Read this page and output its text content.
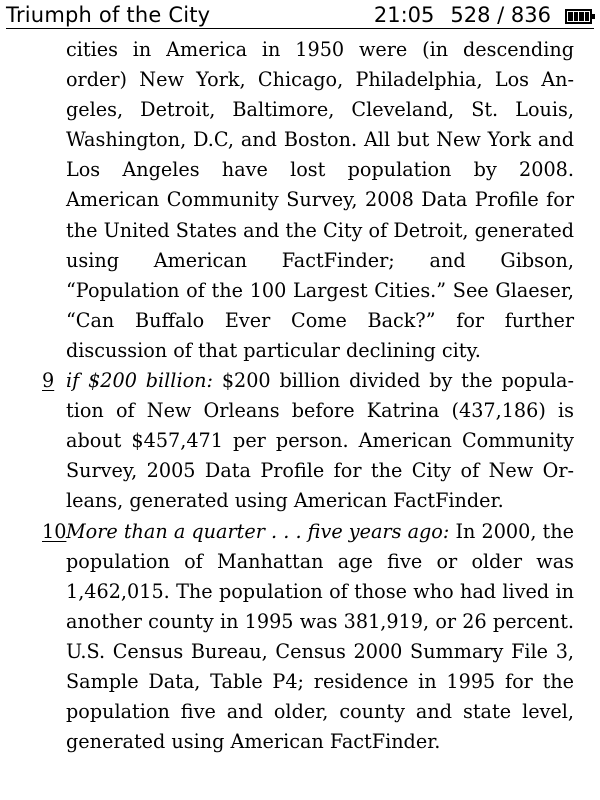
Triumph of the City	21:05 528 / 836

cities in America in 1950 were (in descending order) New York, Chicago, Philadelphia, Los Angeles, Detroit, Baltimore, Cleveland, St. Louis, Washington, D.C, and Boston. All but New York and Los Angeles have lost population by 2008. American Community Survey, 2008 Data Profile for the United States and the City of Detroit, generated using American FactFinder; and Gibson, “Population of the 100 Largest Cities.” See Glaeser, “Can Buffalo Ever Come Back?” for further discussion of that particular declining city.

9 if $200 billion: $200 billion divided by the population of New Orleans before Katrina (437,186) is about $457,471 per person. American Community Survey, 2005 Data Profile for the City of New Orleans, generated using American FactFinder.

10 More than a quarter . . . five years ago: In 2000, the population of Manhattan age five or older was 1,462,015. The population of those who had lived in another county in 1995 was 381,919, or 26 percent. U.S. Census Bureau, Census 2000 Summary File 3, Sample Data, Table P4; residence in 1995 for the population five and older, county and state level, generated using American FactFinder.
